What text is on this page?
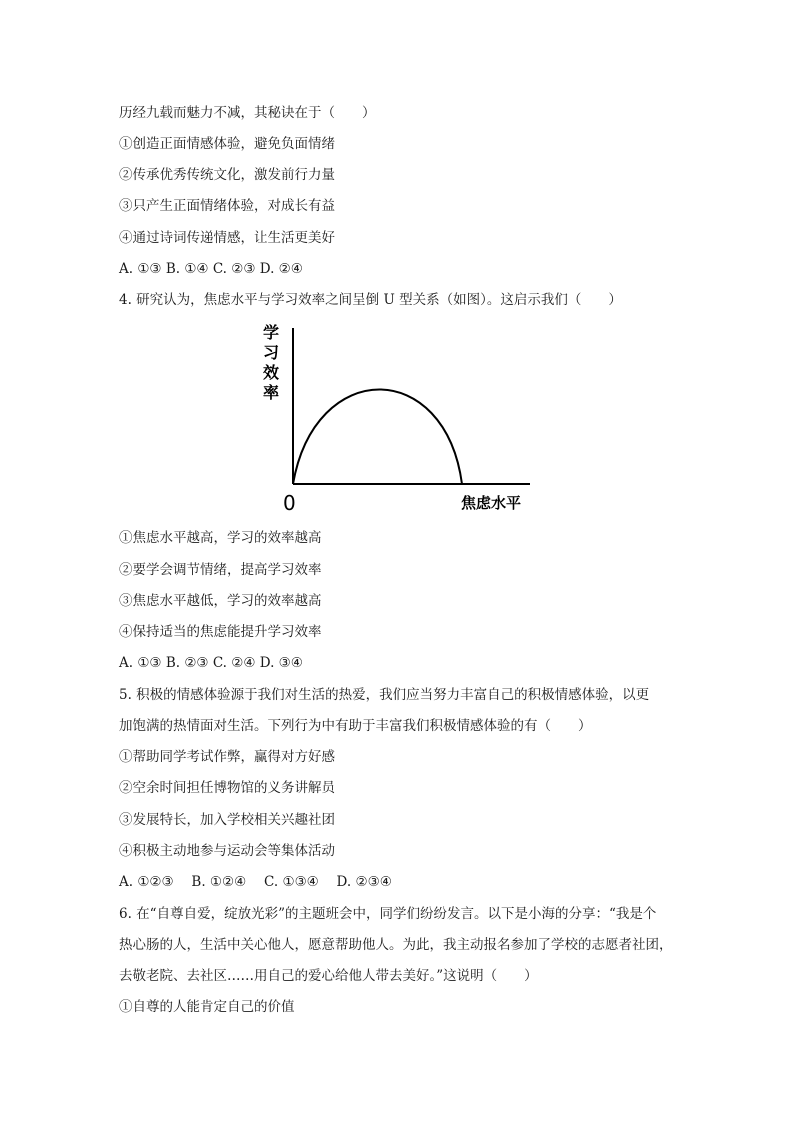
历经九载而魅力不减，其秘诀在于（　　）
①创造正面情感体验，避免负面情绪
②传承优秀传统文化，激发前行力量
③只产生正面情绪体验，对成长有益
④通过诗词传递情感，让生活更美好
A. ①③ B. ①④ C. ②③ D. ②④
4. 研究认为，焦虑水平与学习效率之间呈倒 U 型关系（如图）。这启示我们（　　）
学
习
效
率
0	焦虑水平
①焦虑水平越高，学习的效率越高
②要学会调节情绪，提高学习效率
③焦虑水平越低，学习的效率越高
④保持适当的焦虑能提升学习效率
A. ①③ B. ②③ C. ②④ D. ③④
5. 积极的情感体验源于我们对生活的热爱，我们应当努力丰富自己的积极情感体验，以更
加饱满的热情面对生活。下列行为中有助于丰富我们积极情感体验的有（　　）
①帮助同学考试作弊，赢得对方好感
②空余时间担任博物馆的义务讲解员
③发展特长，加入学校相关兴趣社团
④积极主动地参与运动会等集体活动
A. ①②③　 B. ①②④　 C. ①③④　 D. ②③④
6. 在“自尊自爱，绽放光彩”的主题班会中，同学们纷纷发言。以下是小海的分享：“我是个
热心肠的人，生活中关心他人，愿意帮助他人。为此，我主动报名参加了学校的志愿者社团，
去敬老院、去社区……用自己的爱心给他人带去美好。”这说明（　　）
①自尊的人能肯定自己的价值
